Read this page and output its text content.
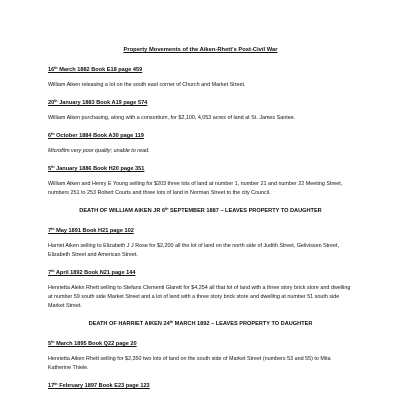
Property Movements of the Aiken-Rhett’s Post-Civil War
16th March 1882 Book E18 page 459
William Aiken releasing a lot on the south east corner of Church and Market Street.
20th January 1883 Book A19 page 574
William Aiken purchasing, along with a consortium, for $2,100, 4,053 acres of land at St. James Santee.
6th October 1884 Book A30 page 119
Microfilm very poor quality; unable to read.
5th January 1886 Book H20 page 351
William Aiken and Henry E Young selling for $203 three lots of land at number 1, number 21 and number 22 Meeting Street, numbers 251 to 253 Robert Courts and three lots of land in Norman Street to the city Council.
DEATH OF WILLIAM AIKEN JR 6th SEPTEMBER 1887 – LEAVES PROPERTY TO DAUGHTER
7th May 1891 Book H21 page 102
Harriet Aiken selling to Elizabeth J J Rose for $2,200 all the lot of land on the north side of Judith Street, Gelivissen Street, Elizabeth Street and American Street.
7th April 1892 Book N21 page 144
Henrietta Alekn Rhett selling to Stefans Clementi Glarett for $4,254 all that lot of land with a three story brick store and dwelling at number 59 south side Market Street and a lot of land with a three story brick store and dwelling at number 51 south side Market Street.
DEATH OF HARRIET AIKEN 24th MARCH 1892 – LEAVES PROPERTY TO DAUGHTER
5th March 1895 Book Q22 page 20
Henrietta Aiken Rhett selling for $2,350 two lots of land on the south side of Market Street (numbers 53 and 55) to Mita Katherine Thiele.
17th February 1897 Book E23 page 123
